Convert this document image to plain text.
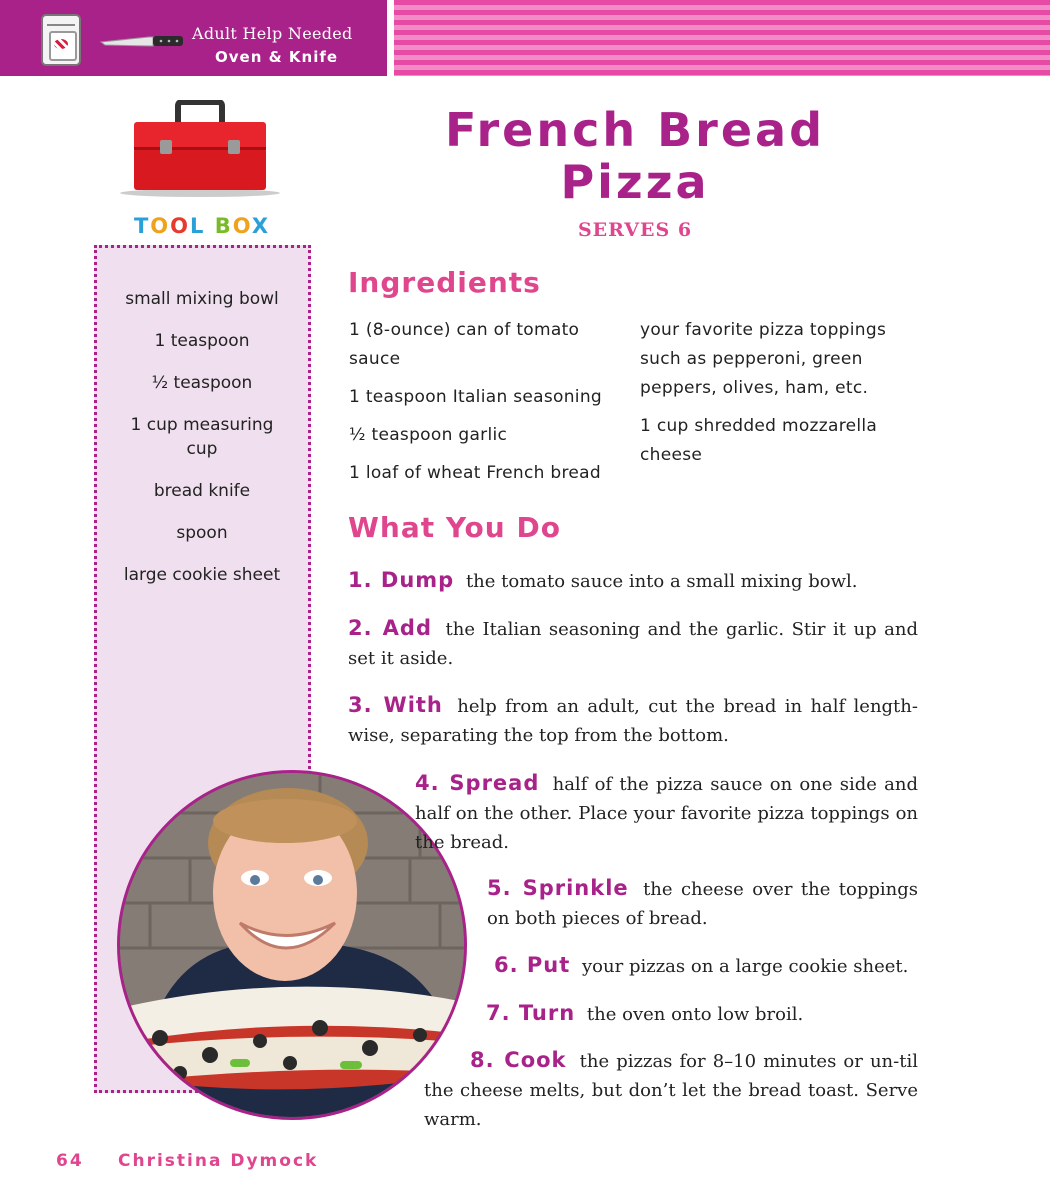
Adult Help Needed
Oven & Knife
TOOL BOX
small mixing bowl
1 teaspoon
½ teaspoon
1 cup measuring cup
bread knife
spoon
large cookie sheet
French Bread
Pizza
SERVES 6
Ingredients
1 (8-ounce) can of tomato sauce
1 teaspoon Italian seasoning
½ teaspoon garlic
1 loaf of wheat French bread
your favorite pizza toppings such as pepperoni, green peppers, olives, ham, etc.
1 cup shredded mozzarella cheese
What You Do
1. Dump the tomato sauce into a small mixing bowl.
2. Add the Italian seasoning and the garlic. Stir it up and set it aside.
3. With help from an adult, cut the bread in half length-wise, separating the top from the bottom.
4. Spread half of the pizza sauce on one side and half on the other. Place your favorite pizza toppings on the bread.
5. Sprinkle the cheese over the toppings on both pieces of bread.
6. Put your pizzas on a large cookie sheet.
7. Turn the oven onto low broil.
8. Cook the pizzas for 8–10 minutes or un-til the cheese melts, but don’t let the bread toast. Serve warm.
64 Christina Dymock
